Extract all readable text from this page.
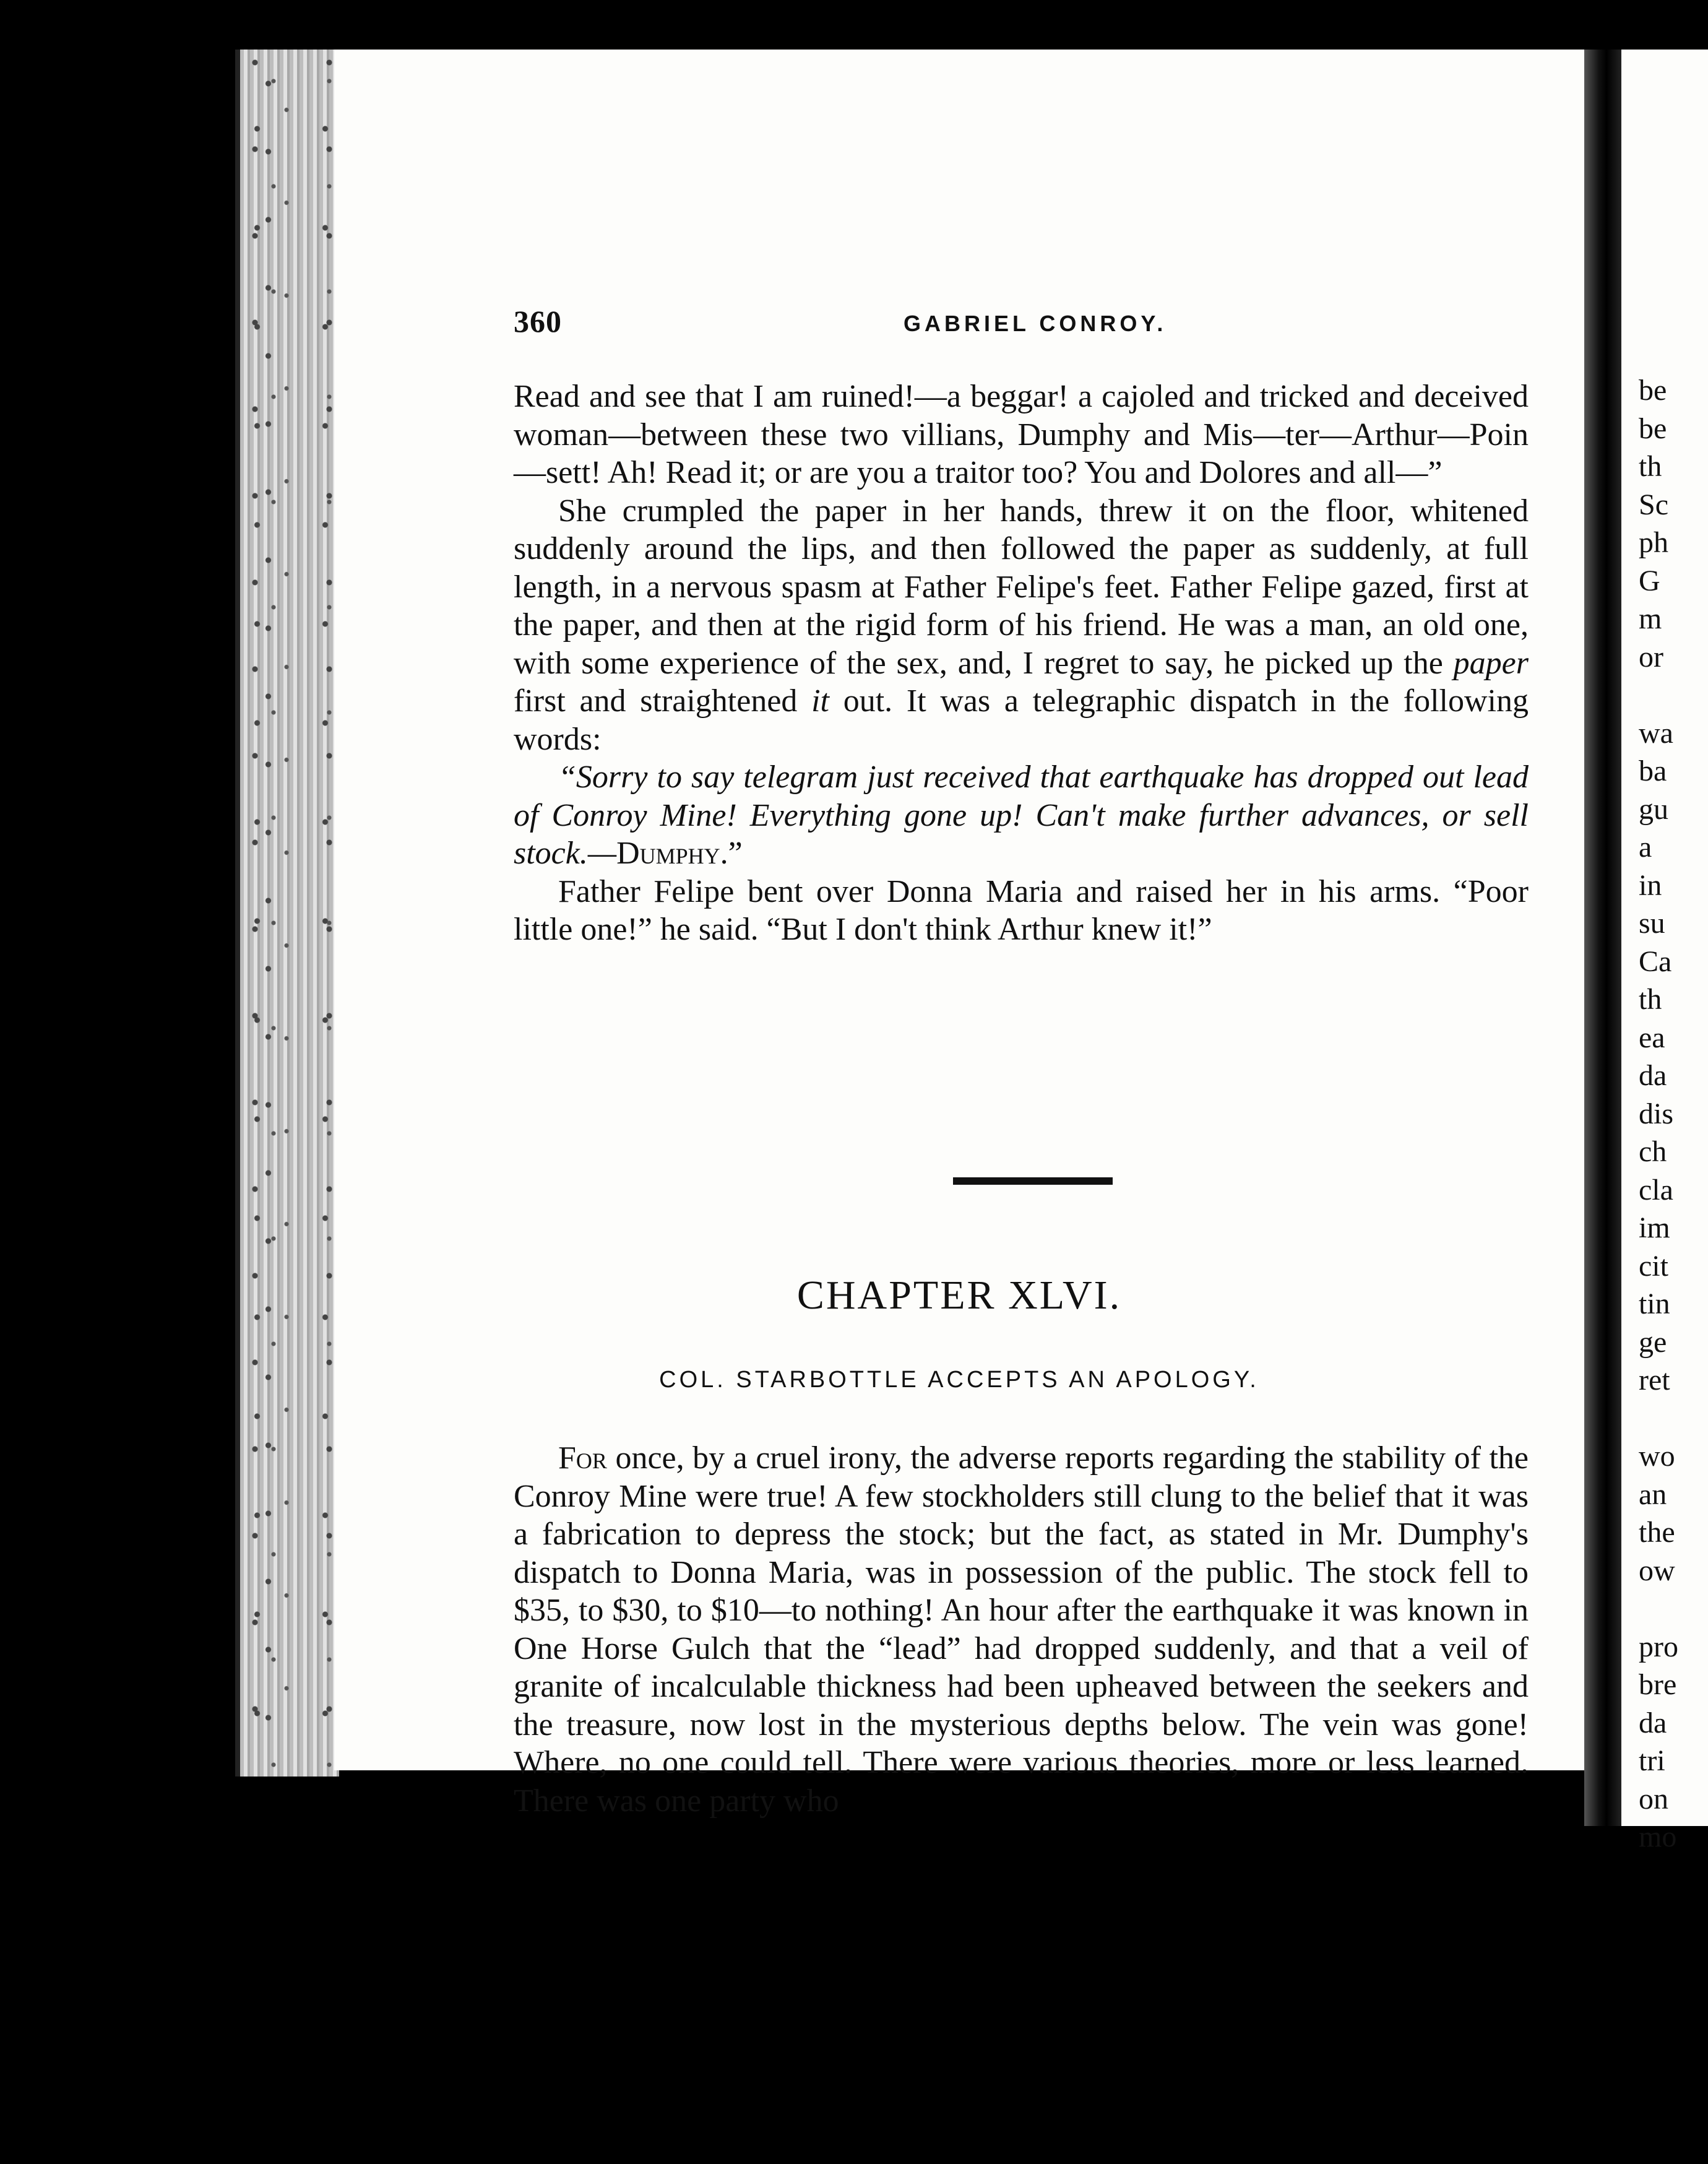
360	GABRIEL CONROY.

Read and see that I am ruined!—a beggar! a cajoled and tricked and deceived woman—between these two villians, Dumphy and Mis—ter—Arthur—Poin—sett! Ah! Read it; or are you a traitor too? You and Dolores and all—”

She crumpled the paper in her hands, threw it on the floor, whitened suddenly around the lips, and then followed the paper as suddenly, at full length, in a nervous spasm at Father Felipe's feet. Father Felipe gazed, first at the paper, and then at the rigid form of his friend. He was a man, an old one, with some experience of the sex, and, I regret to say, he picked up the paper first and straightened it out. It was a telegraphic dispatch in the following words:

“Sorry to say telegram just received that earthquake has dropped out lead of Conroy Mine! Everything gone up! Can't make further advances, or sell stock.—Dumphy.”

Father Felipe bent over Donna Maria and raised her in his arms. “Poor little one!” he said. “But I don't think Arthur knew it!”

CHAPTER XLVI.
COL. STARBOTTLE ACCEPTS AN APOLOGY.

For once, by a cruel irony, the adverse reports regarding the stability of the Conroy Mine were true! A few stockholders still clung to the belief that it was a fabrication to depress the stock; but the fact, as stated in Mr. Dumphy's dispatch to Donna Maria, was in possession of the public. The stock fell to $35, to $30, to $10—to nothing! An hour after the earthquake it was known in One Horse Gulch that the “lead” had dropped suddenly, and that a veil of granite of incalculable thickness had been upheaved between the seekers and the treasure, now lost in the mysterious depths below. The vein was gone! Where, no one could tell. There were various theories, more or less learned. There was one party who

be
be
th
Sc
ph
G
m
or

wa
ba
gu
a
in
su
Ca
th
ea
da
dis
ch
cla
im
cit
tin
ge
ret

wo
an
the
ow

pro
bre
da
tri
on
mo
